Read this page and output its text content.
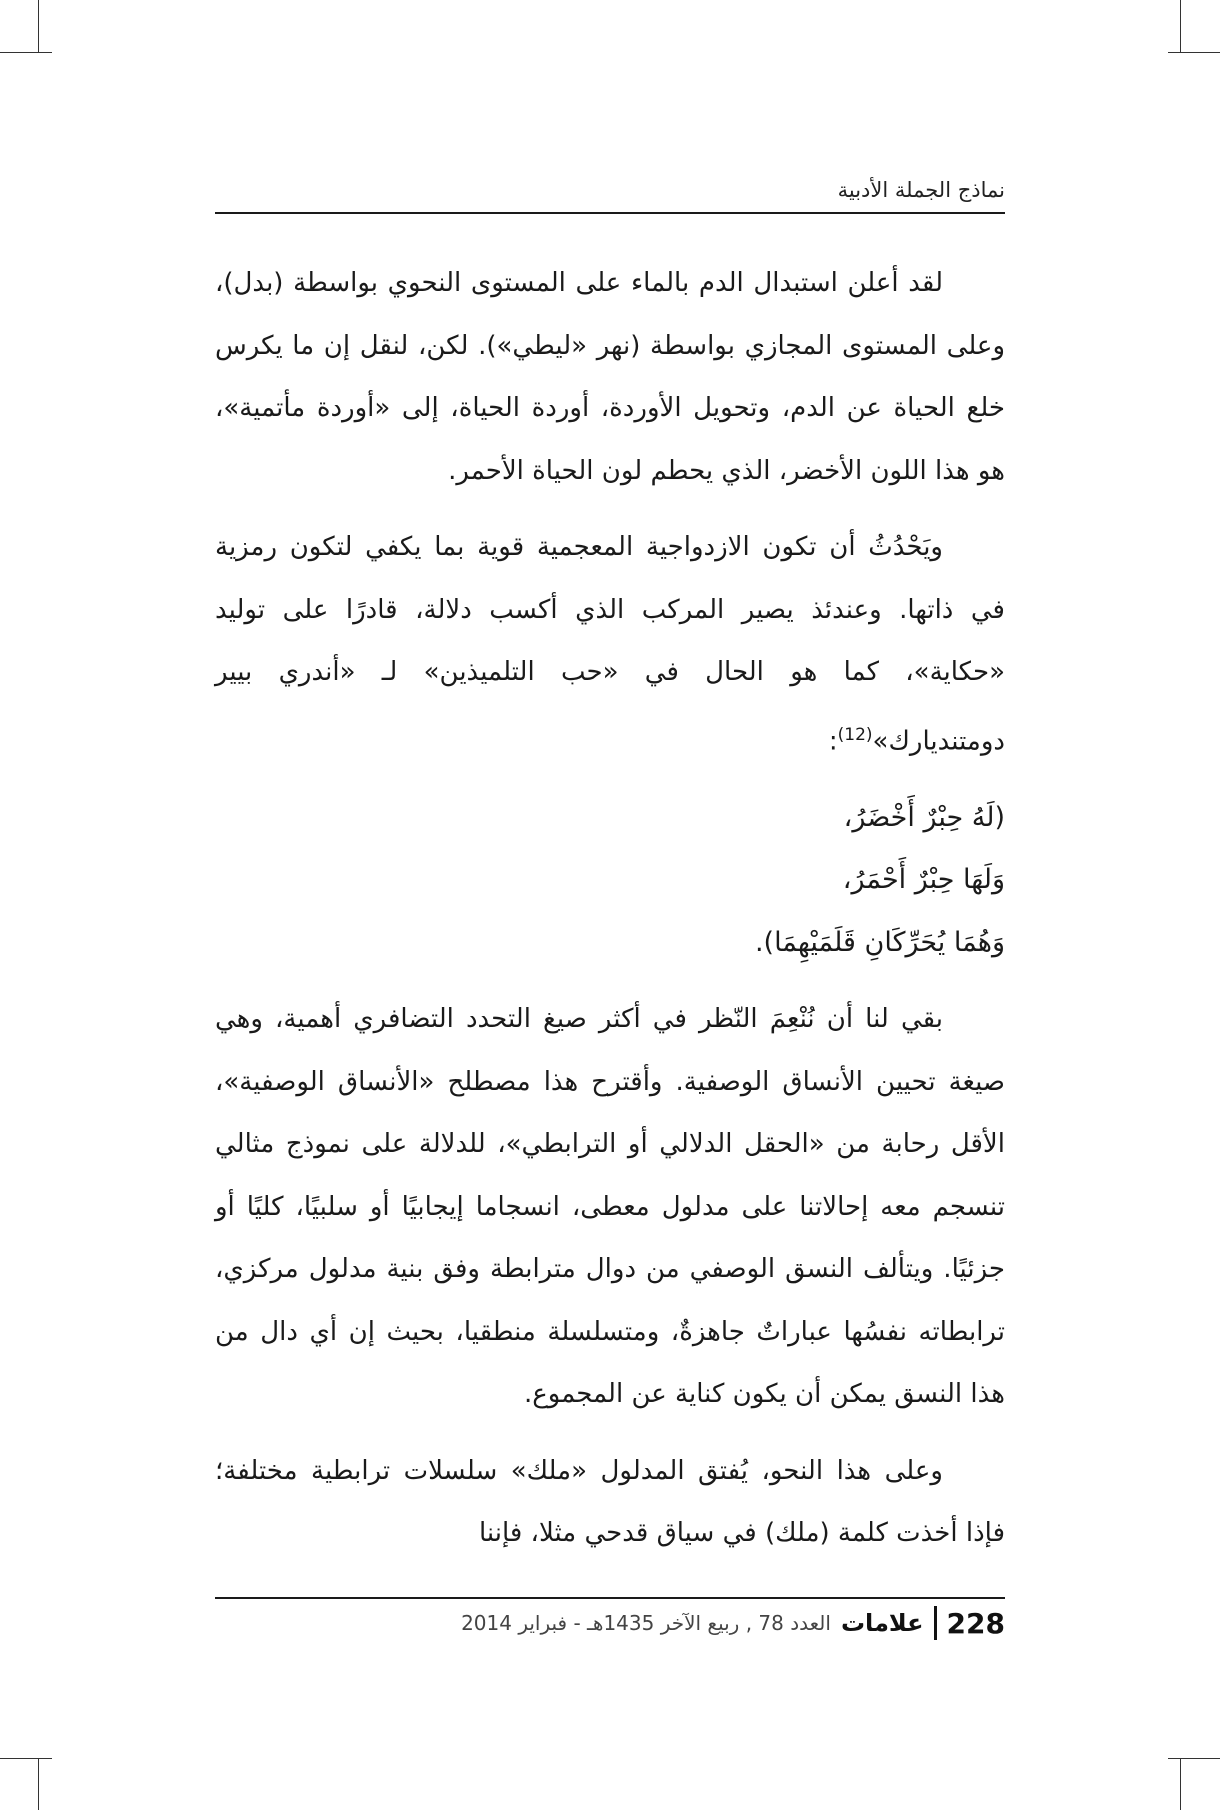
نماذج الجملة الأدبية

لقد أعلن استبدال الدم بالماء على المستوى النحوي بواسطة (بدل)، وعلى المستوى المجازي بواسطة (نهر «ليطي»). لكن، لنقل إن ما يكرس خلع الحياة عن الدم، وتحويل الأوردة، أوردة الحياة، إلى «أوردة مأتمية»، هو هذا اللون الأخضر، الذي يحطم لون الحياة الأحمر.

ويَحْدُثُ أن تكون الازدواجية المعجمية قوية بما يكفي لتكون رمزية في ذاتها. وعندئذ يصير المركب الذي أكسب دلالة، قادرًا على توليد «حكاية»، كما هو الحال في «حب التلميذين» لـ «أندري بيير دومتنديارك»$^{(12)}$:

(لَهُ حِبْرٌ أَخْضَرُ،
وَلَهَا حِبْرٌ أَحْمَرُ،
وَهُمَا يُحَرِّكَانِ قَلَمَيْهِمَا).

بقي لنا أن نُنْعِمَ النّظر في أكثر صيغ التحدد التضافري أهمية، وهي صيغة تحيين الأنساق الوصفية. وأقترح هذا مصطلح «الأنساق الوصفية»، الأقل رحابة من «الحقل الدلالي أو الترابطي»، للدلالة على نموذج مثالي تنسجم معه إحالاتنا على مدلول معطى، انسجاما إيجابيًا أو سلبيًا، كليًا أو جزئيًا. ويتألف النسق الوصفي من دوال مترابطة وفق بنية مدلول مركزي، ترابطاته نفسُها عباراتٌ جاهزةٌ، ومتسلسلة منطقيا، بحيث إن أي دال من هذا النسق يمكن أن يكون كناية عن المجموع.

وعلى هذا النحو، يُفتق المدلول «ملك» سلسلات ترابطية مختلفة؛ فإذا أخذت كلمة (ملك) في سياق قدحي مثلا، فإننا

228
علامات
العدد 78 , ربيع الآخر 1435هـ - فبراير 2014
